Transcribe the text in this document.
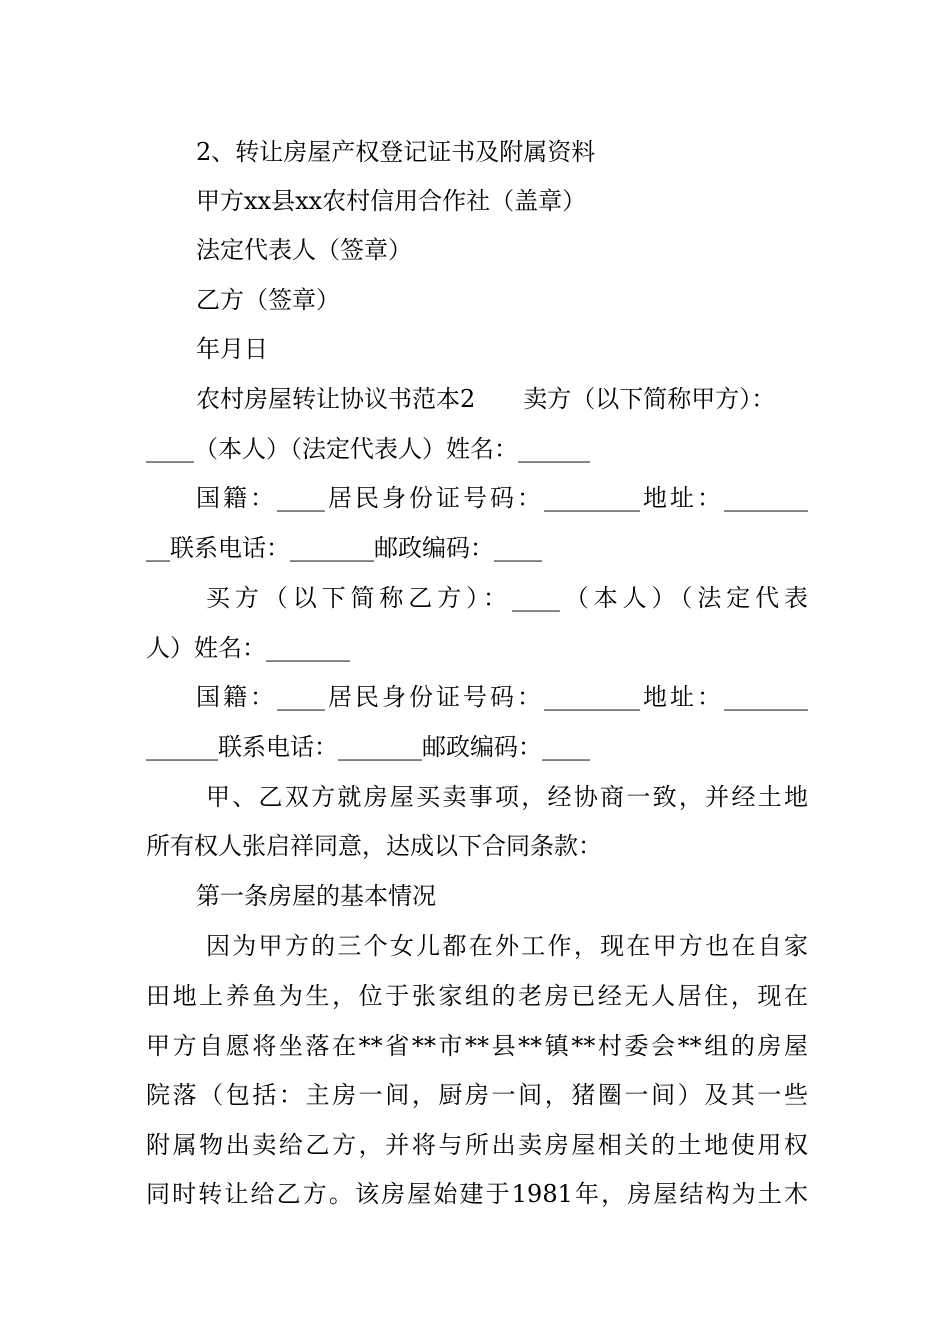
2、转让房屋产权登记证书及附属资料
甲方xx县xx农村信用合作社（盖章）
法定代表人（签章）
乙方（签章）
年月日
农村房屋转让协议书范本2　　卖方（以下简称甲方）：
____（本人）（法定代表人）姓名：______
国籍：____居民身份证号码：________地址：_______
__联系电话：_______邮政编码：____
买方（以下简称乙方）：____（本人）（法定代表
人）姓名：_______
国籍：____居民身份证号码：________地址：_______
______联系电话：_______邮政编码：____
甲、乙双方就房屋买卖事项，经协商一致，并经土地
所有权人张启祥同意，达成以下合同条款：
第一条房屋的基本情况
因为甲方的三个女儿都在外工作，现在甲方也在自家
田地上养鱼为生，位于张家组的老房已经无人居住，现在
甲方自愿将坐落在**省**市**县**镇**村委会**组的房屋
院落（包括：主房一间，厨房一间，猪圈一间）及其一些
附属物出卖给乙方，并将与所出卖房屋相关的土地使用权
同时转让给乙方。该房屋始建于1981年，房屋结构为土木
